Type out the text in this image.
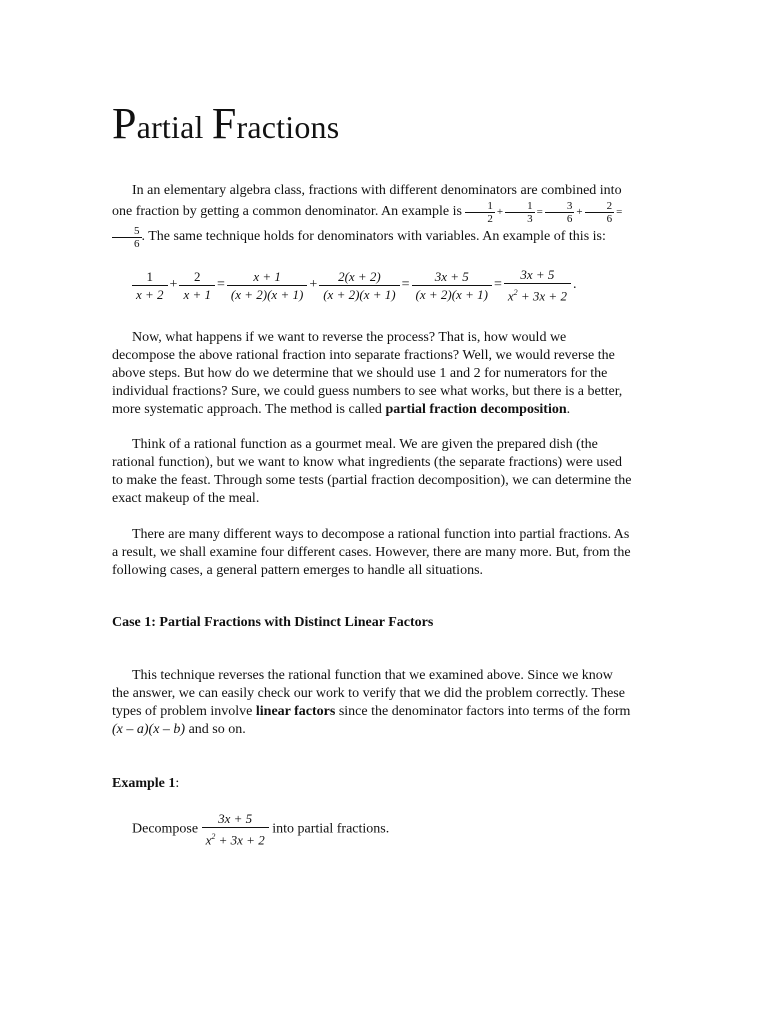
Partial Fractions

In an elementary algebra class, fractions with different denominators are combined into one fraction by getting a common denominator. An example is $\frac{1}{2} + \frac{1}{3} = \frac{3}{6} + \frac{2}{6}$ =
$\frac{5}{6}$ . The same technique holds for denominators with variables. An example of this is:

$\frac{1}{x + 2} + \frac{2}{x + 1} = \frac{x + 1}{(x + 2)(x + 1)} + \frac{2(x + 2)}{(x + 2)(x + 1)} = \frac{3x + 5}{(x + 2)(x + 1)} = \frac{3x + 5}{x^2 + 3x + 2}$ .

Now, what happens if we want to reverse the process? That is, how would we decompose the above rational fraction into separate fractions? Well, we would reverse the above steps. But how do we determine that we should use 1 and 2 for numerators for the individual fractions? Sure, we could guess numbers to see what works, but there is a better, more systematic approach. The method is called partial fraction decomposition.

Think of a rational function as a gourmet meal. We are given the prepared dish (the rational function), but we want to know what ingredients (the separate fractions) were used to make the feast. Through some tests (partial fraction decomposition), we can determine the exact makeup of the meal.

There are many different ways to decompose a rational function into partial fractions. As a result, we shall examine four different cases. However, there are many more. But, from the following cases, a general pattern emerges to handle all situations.

Case 1: Partial Fractions with Distinct Linear Factors

This technique reverses the rational function that we examined above. Since we know the answer, we can easily check our work to verify that we did the problem correctly. These types of problem involve linear factors since the denominator factors into terms of the form (x – a)(x – b) and so on.

Example 1:
Decompose $\frac{3x + 5}{x^2 + 3x + 2}$ into partial fractions.
